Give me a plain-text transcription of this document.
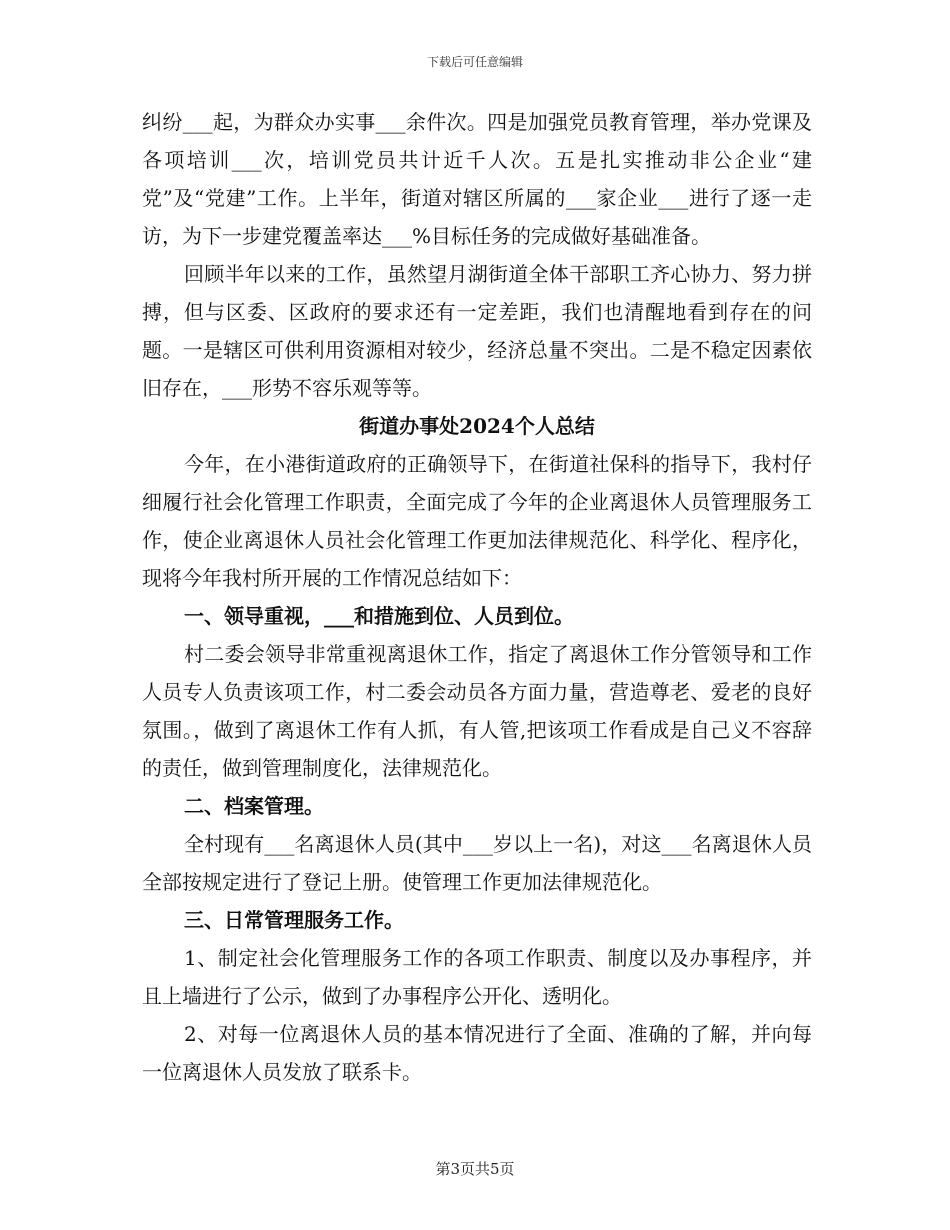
下载后可任意编辑

纠纷___起，为群众办实事___余件次。四是加强党员教育管理，举办党课及各项培训___次，培训党员共计近千人次。五是扎实推动非公企业“建党”及“党建”工作。上半年，街道对辖区所属的___家企业___进行了逐一走访，为下一步建党覆盖率达___%目标任务的完成做好基础准备。

回顾半年以来的工作，虽然望月湖街道全体干部职工齐心协力、努力拼搏，但与区委、区政府的要求还有一定差距，我们也清醒地看到存在的问题。一是辖区可供利用资源相对较少，经济总量不突出。二是不稳定因素依旧存在，___形势不容乐观等等。

街道办事处2024个人总结

今年，在小港街道政府的正确领导下，在街道社保科的指导下，我村仔细履行社会化管理工作职责，全面完成了今年的企业离退休人员管理服务工作，使企业离退休人员社会化管理工作更加法律规范化、科学化、程序化，现将今年我村所开展的工作情况总结如下：

一、领导重视，___和措施到位、人员到位。

村二委会领导非常重视离退休工作，指定了离退休工作分管领导和工作人员专人负责该项工作，村二委会动员各方面力量，营造尊老、爱老的良好氛围。，做到了离退休工作有人抓，有人管,把该项工作看成是自己义不容辞的责任，做到管理制度化，法律规范化。

二、档案管理。

全村现有___名离退休人员(其中___岁以上一名)，对这___名离退休人员全部按规定进行了登记上册。使管理工作更加法律规范化。

三、日常管理服务工作。

1、制定社会化管理服务工作的各项工作职责、制度以及办事程序，并且上墙进行了公示，做到了办事程序公开化、透明化。

2、对每一位离退休人员的基本情况进行了全面、准确的了解，并向每一位离退休人员发放了联系卡。

第3页共5页
